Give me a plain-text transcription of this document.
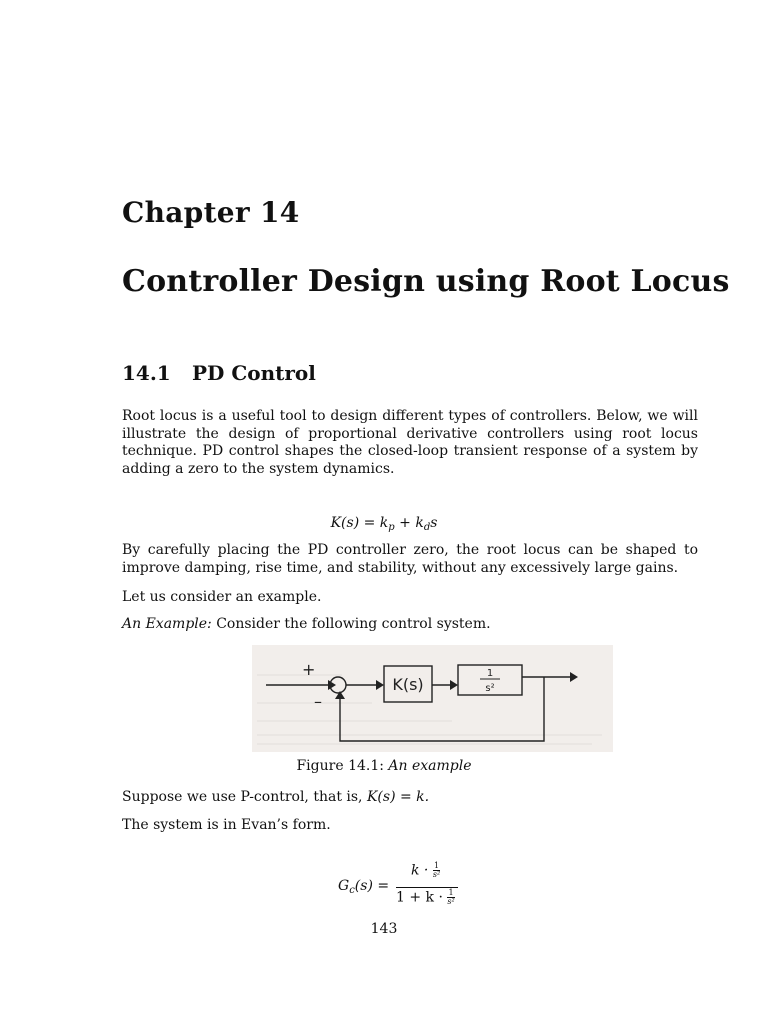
Chapter 14
Controller Design using Root Locus
14.1 PD Control
Root locus is a useful tool to design different types of controllers. Below, we will illustrate the design of proportional derivative controllers using root locus technique. PD control shapes the closed-loop transient response of a system by adding a zero to the system dynamics.
$K(s) = k_p + k_ds$
By carefully placing the PD controller zero, the root locus can be shaped to improve damping, rise time, and stability, without any excessively large gains.
Let us consider an example.
An Example: Consider the following control system.
+
–
K(s)
1
s²
Figure 14.1: An example
Suppose we use P-control, that is, K(s) = k.
The system is in Evan’s form.
$G_c(s)$ =
$k \cdot \frac{1}{\text{s²}}$
$1 + k \cdot \frac{1}{\text{s²}}$
143
